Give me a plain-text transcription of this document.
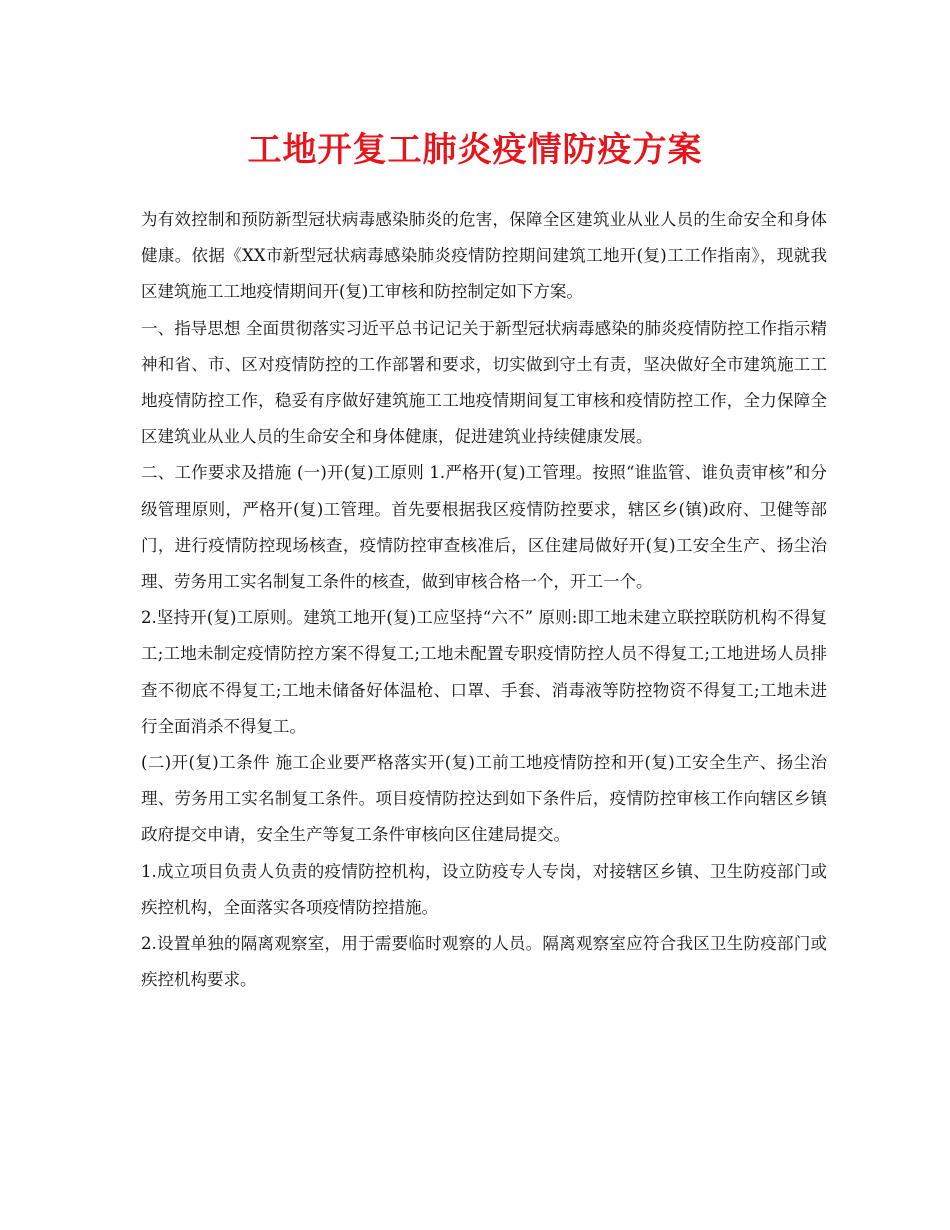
工地开复工肺炎疫情防疫方案

为有效控制和预防新型冠状病毒感染肺炎的危害，保障全区建筑业从业人员的生命安全和身体健康。依据《XX市新型冠状病毒感染肺炎疫情防控期间建筑工地开(复)工工作指南》，现就我区建筑施工工地疫情期间开(复)工审核和防控制定如下方案。

一、指导思想 全面贯彻落实习近平总书记记关于新型冠状病毒感染的肺炎疫情防控工作指示精神和省、市、区对疫情防控的工作部署和要求，切实做到守土有责，坚决做好全市建筑施工工地疫情防控工作，稳妥有序做好建筑施工工地疫情期间复工审核和疫情防控工作，全力保障全区建筑业从业人员的生命安全和身体健康，促进建筑业持续健康发展。

二、工作要求及措施 (一)开(复)工原则 1.严格开(复)工管理。按照“谁监管、谁负责审核”和分级管理原则，严格开(复)工管理。首先要根据我区疫情防控要求，辖区乡(镇)政府、卫健等部门，进行疫情防控现场核查，疫情防控审查核准后，区住建局做好开(复)工安全生产、扬尘治理、劳务用工实名制复工条件的核查，做到审核合格一个，开工一个。

2.坚持开(复)工原则。建筑工地开(复)工应坚持“六不” 原则:即工地未建立联控联防机构不得复工;工地未制定疫情防控方案不得复工;工地未配置专职疫情防控人员不得复工;工地进场人员排查不彻底不得复工;工地未储备好体温枪、口罩、手套、消毒液等防控物资不得复工;工地未进行全面消杀不得复工。

(二)开(复)工条件 施工企业要严格落实开(复)工前工地疫情防控和开(复)工安全生产、扬尘治理、劳务用工实名制复工条件。项目疫情防控达到如下条件后，疫情防控审核工作向辖区乡镇政府提交申请，安全生产等复工条件审核向区住建局提交。

1.成立项目负责人负责的疫情防控机构，设立防疫专人专岗，对接辖区乡镇、卫生防疫部门或疾控机构，全面落实各项疫情防控措施。

2.设置单独的隔离观察室，用于需要临时观察的人员。隔离观察室应符合我区卫生防疫部门或疾控机构要求。
